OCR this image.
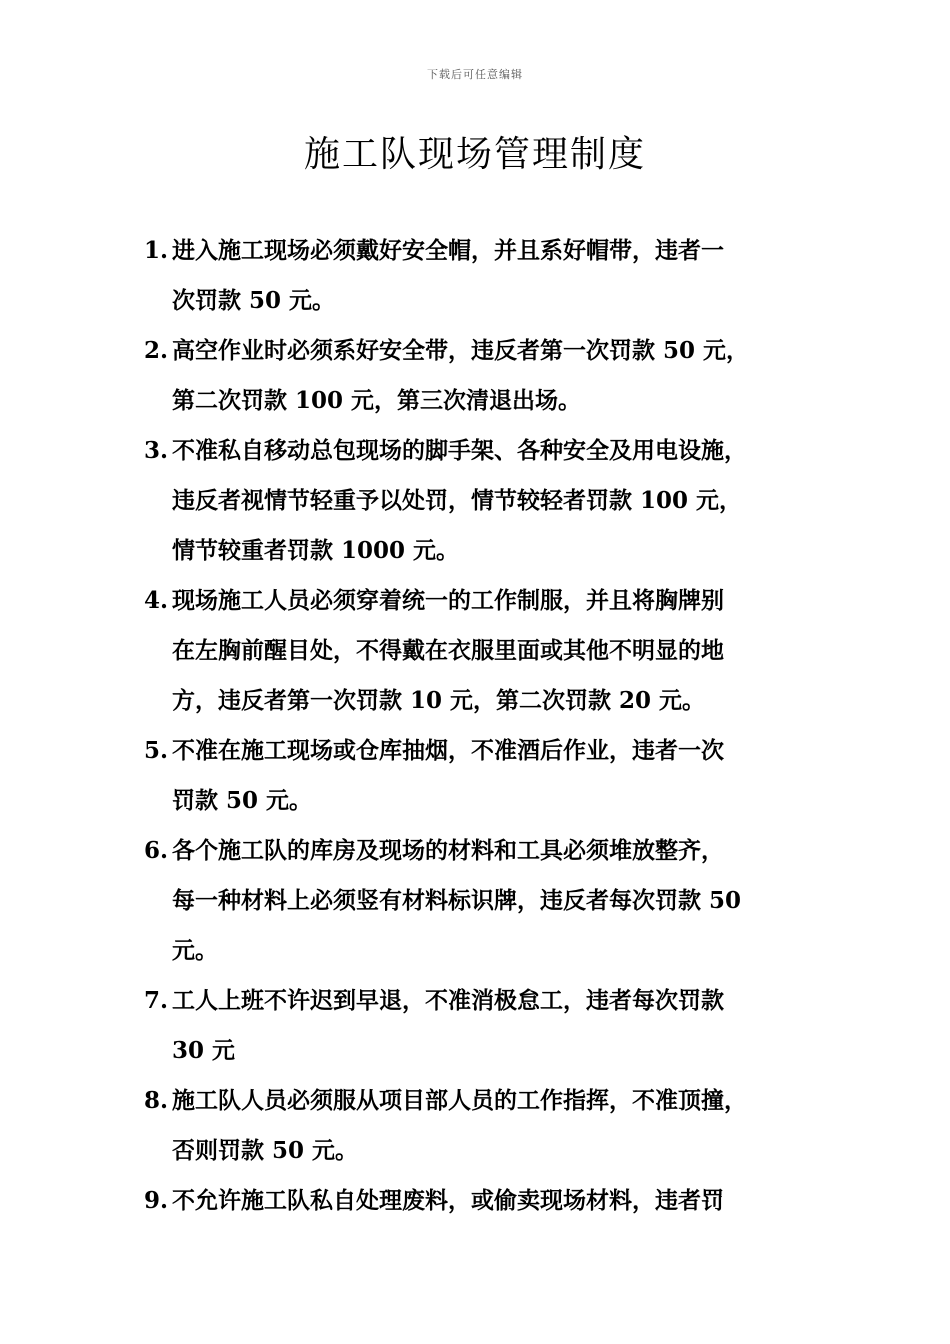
下载后可任意编辑
施工队现场管理制度
1. 进入施工现场必须戴好安全帽，并且系好帽带，违者一
次罚款 50 元。
2. 高空作业时必须系好安全带，违反者第一次罚款 50 元，
第二次罚款 100 元，第三次清退出场。
3. 不准私自移动总包现场的脚手架、各种安全及用电设施，
违反者视情节轻重予以处罚，情节较轻者罚款 100 元，
情节较重者罚款 1000 元。
4. 现场施工人员必须穿着统一的工作制服，并且将胸牌别
在左胸前醒目处，不得戴在衣服里面或其他不明显的地
方，违反者第一次罚款 10 元，第二次罚款 20 元。
5. 不准在施工现场或仓库抽烟，不准酒后作业，违者一次
罚款 50 元。
6. 各个施工队的库房及现场的材料和工具必须堆放整齐，
每一种材料上必须竖有材料标识牌，违反者每次罚款 50
元。
7. 工人上班不许迟到早退，不准消极怠工，违者每次罚款
30 元
8. 施工队人员必须服从项目部人员的工作指挥，不准顶撞，
否则罚款 50 元。
9. 不允许施工队私自处理废料，或偷卖现场材料，违者罚
